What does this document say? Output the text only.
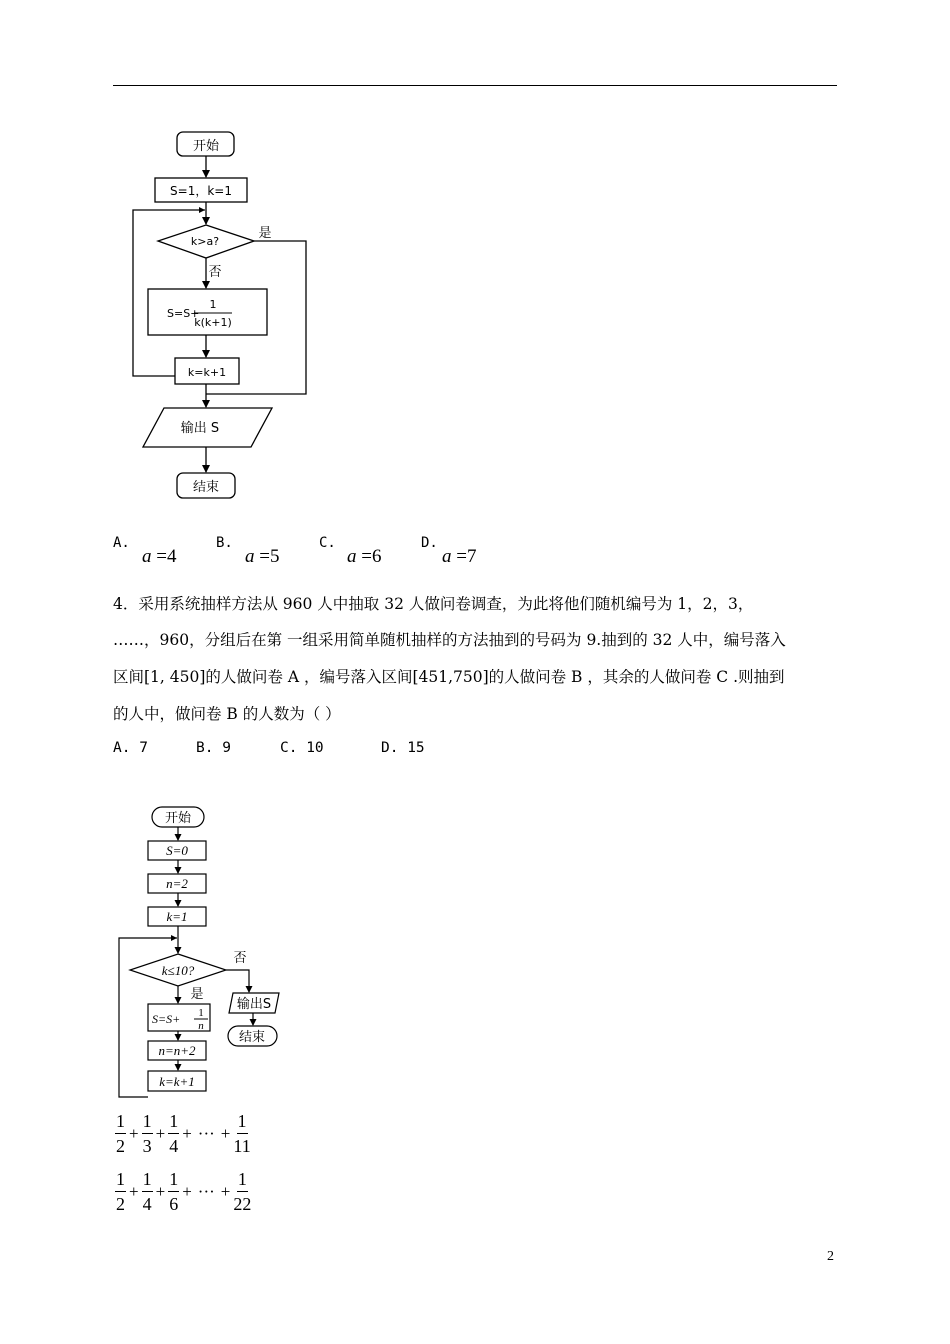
开始
S=1，k=1
k>a?
是
否
S=S+
1
k(k+1)
k=k+1
输出 S
结束
A.
a =4
B.
a =5
C.
a =6
D.
a =7
4．采用系统抽样方法从 960 人中抽取 32 人做问卷调查，为此将他们随机编号为 1，2，3，
……，960，分组后在第 一组采用简单随机抽样的方法抽到的号码为 9.抽到的 32 人中，编号落入
区间[1, 450]的人做问卷 A ，编号落入区间[451,750]的人做问卷 B ，其余的人做问卷 C .则抽到
的人中，做问卷 B 的人数为（ ）
A. 7	B. 9	C. 10	D. 15
开始
S=0
n=2
k=1
k≤10?
否
是
输出S
结束
S=S+ 1
n
n=n+2
k=k+1
$\frac{1}{2} + \frac{1}{3} + \frac{1}{4}$ + ··· + $\frac{1}{11}$
$\frac{1}{2} + \frac{1}{4} + \frac{1}{6}$ + ··· + $\frac{1}{22}$
2
